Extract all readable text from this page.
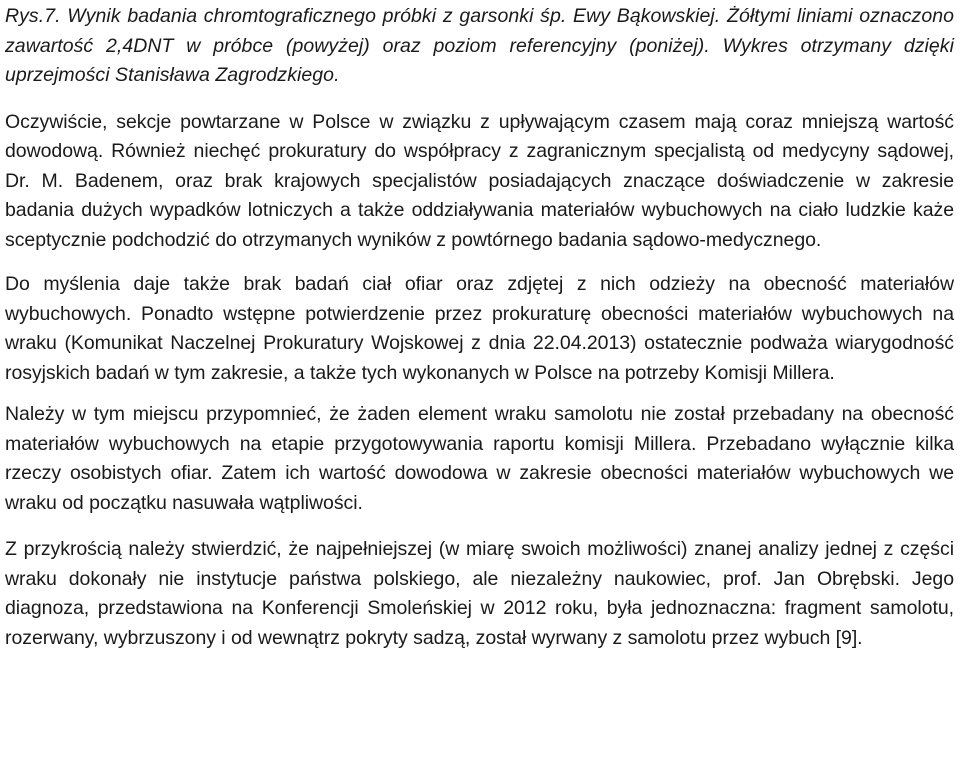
Rys.7. Wynik badania chromtograficznego próbki z garsonki śp. Ewy Bąkowskiej. Żółtymi liniami oznaczono zawartość 2,4DNT w próbce (powyżej) oraz poziom referencyjny (poniżej). Wykres otrzymany dzięki uprzejmości Stanisława Zagrodzkiego.

Oczywiście, sekcje powtarzane w Polsce w związku z upływającym czasem mają coraz mniejszą wartość dowodową. Również niechęć prokuratury do współpracy z zagranicznym specjalistą od medycyny sądowej, Dr. M. Badenem, oraz brak krajowych specjalistów posiadających znaczące doświadczenie w zakresie badania dużych wypadków lotniczych a także oddziaływania materiałów wybuchowych na ciało ludzkie każe sceptycznie podchodzić do otrzymanych wyników z powtórnego badania sądowo-medycznego.

Do myślenia daje także brak badań ciał ofiar oraz zdjętej z nich odzieży na obecność materiałów wybuchowych. Ponadto wstępne potwierdzenie przez prokuraturę obecności materiałów wybuchowych na wraku (Komunikat Naczelnej Prokuratury Wojskowej z dnia 22.04.2013) ostatecznie podważa wiarygodność rosyjskich badań w tym zakresie, a także tych wykonanych w Polsce na potrzeby Komisji Millera.

Należy w tym miejscu przypomnieć, że żaden element wraku samolotu nie został przebadany na obecność materiałów wybuchowych na etapie przygotowywania raportu komisji Millera. Przebadano wyłącznie kilka rzeczy osobistych ofiar. Zatem ich wartość dowodowa w zakresie obecności materiałów wybuchowych we wraku od początku nasuwała wątpliwości.

Z przykrością należy stwierdzić, że najpełniejszej (w miarę swoich możliwości) znanej analizy jednej z części wraku dokonały nie instytucje państwa polskiego, ale niezależny naukowiec, prof. Jan Obrębski. Jego diagnoza, przedstawiona na Konferencji Smoleńskiej w 2012 roku, była jednoznaczna: fragment samolotu, rozerwany, wybrzuszony i od wewnątrz pokryty sadzą, został wyrwany z samolotu przez wybuch [9].
